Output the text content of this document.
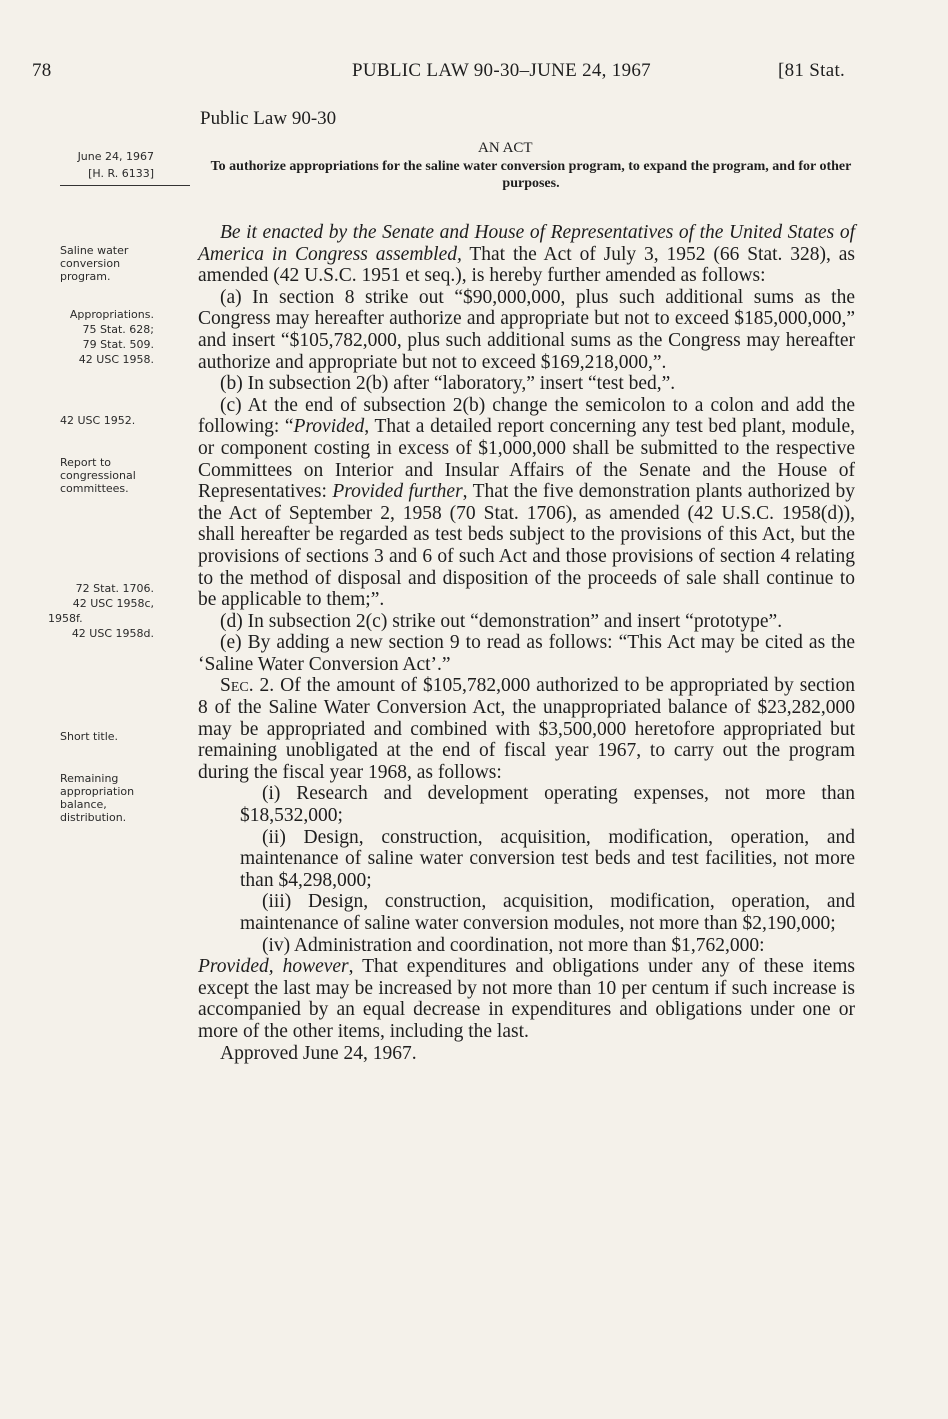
78	PUBLIC LAW 90-30–JUNE 24, 1967	[81 Stat.
Public Law 90-30
AN ACT
To authorize appropriations for the saline water conversion program, to expand the program, and for other purposes.
June 24, 1967
[H. R. 6133]
Saline water conversion program.
Appropriations.
75 Stat. 628;
79 Stat. 509.
42 USC 1958.
42 USC 1952.
Report to congressional committees.
72 Stat. 1706.
42 USC 1958c,
1958f.
42 USC 1958d.
Short title.
Remaining appropriation balance, distribution.

Be it enacted by the Senate and House of Representatives of the United States of America in Congress assembled, That the Act of July 3, 1952 (66 Stat. 328), as amended (42 U.S.C. 1951 et seq.), is hereby further amended as follows:

(a) In section 8 strike out “$90,000,000, plus such additional sums as the Congress may hereafter authorize and appropriate but not to exceed $185,000,000,” and insert “$105,782,000, plus such additional sums as the Congress may hereafter authorize and appropriate but not to exceed $169,218,000,”.

(b) In subsection 2(b) after “laboratory,” insert “test bed,”.

(c) At the end of subsection 2(b) change the semicolon to a colon and add the following: “Provided, That a detailed report concerning any test bed plant, module, or component costing in excess of $1,000,000 shall be submitted to the respective Committees on Interior and Insular Affairs of the Senate and the House of Representatives: Provided further, That the five demonstration plants authorized by the Act of September 2, 1958 (70 Stat. 1706), as amended (42 U.S.C. 1958(d)), shall hereafter be regarded as test beds subject to the provisions of this Act, but the provisions of sections 3 and 6 of such Act and those provisions of section 4 relating to the method of disposal and disposition of the proceeds of sale shall continue to be applicable to them;”.

(d) In subsection 2(c) strike out “demonstration” and insert “prototype”.

(e) By adding a new section 9 to read as follows: “This Act may be cited as the ‘Saline Water Conversion Act’.”

Sec. 2. Of the amount of $105,782,000 authorized to be appropriated by section 8 of the Saline Water Conversion Act, the unappropriated balance of $23,282,000 may be appropriated and combined with $3,500,000 heretofore appropriated but remaining unobligated at the end of fiscal year 1967, to carry out the program during the fiscal year 1968, as follows:

(i) Research and development operating expenses, not more than $18,532,000;

(ii) Design, construction, acquisition, modification, operation, and maintenance of saline water conversion test beds and test facilities, not more than $4,298,000;

(iii) Design, construction, acquisition, modification, operation, and maintenance of saline water conversion modules, not more than $2,190,000;

(iv) Administration and coordination, not more than $1,762,000:

Provided, however, That expenditures and obligations under any of these items except the last may be increased by not more than 10 per centum if such increase is accompanied by an equal decrease in expenditures and obligations under one or more of the other items, including the last.

Approved June 24, 1967.
